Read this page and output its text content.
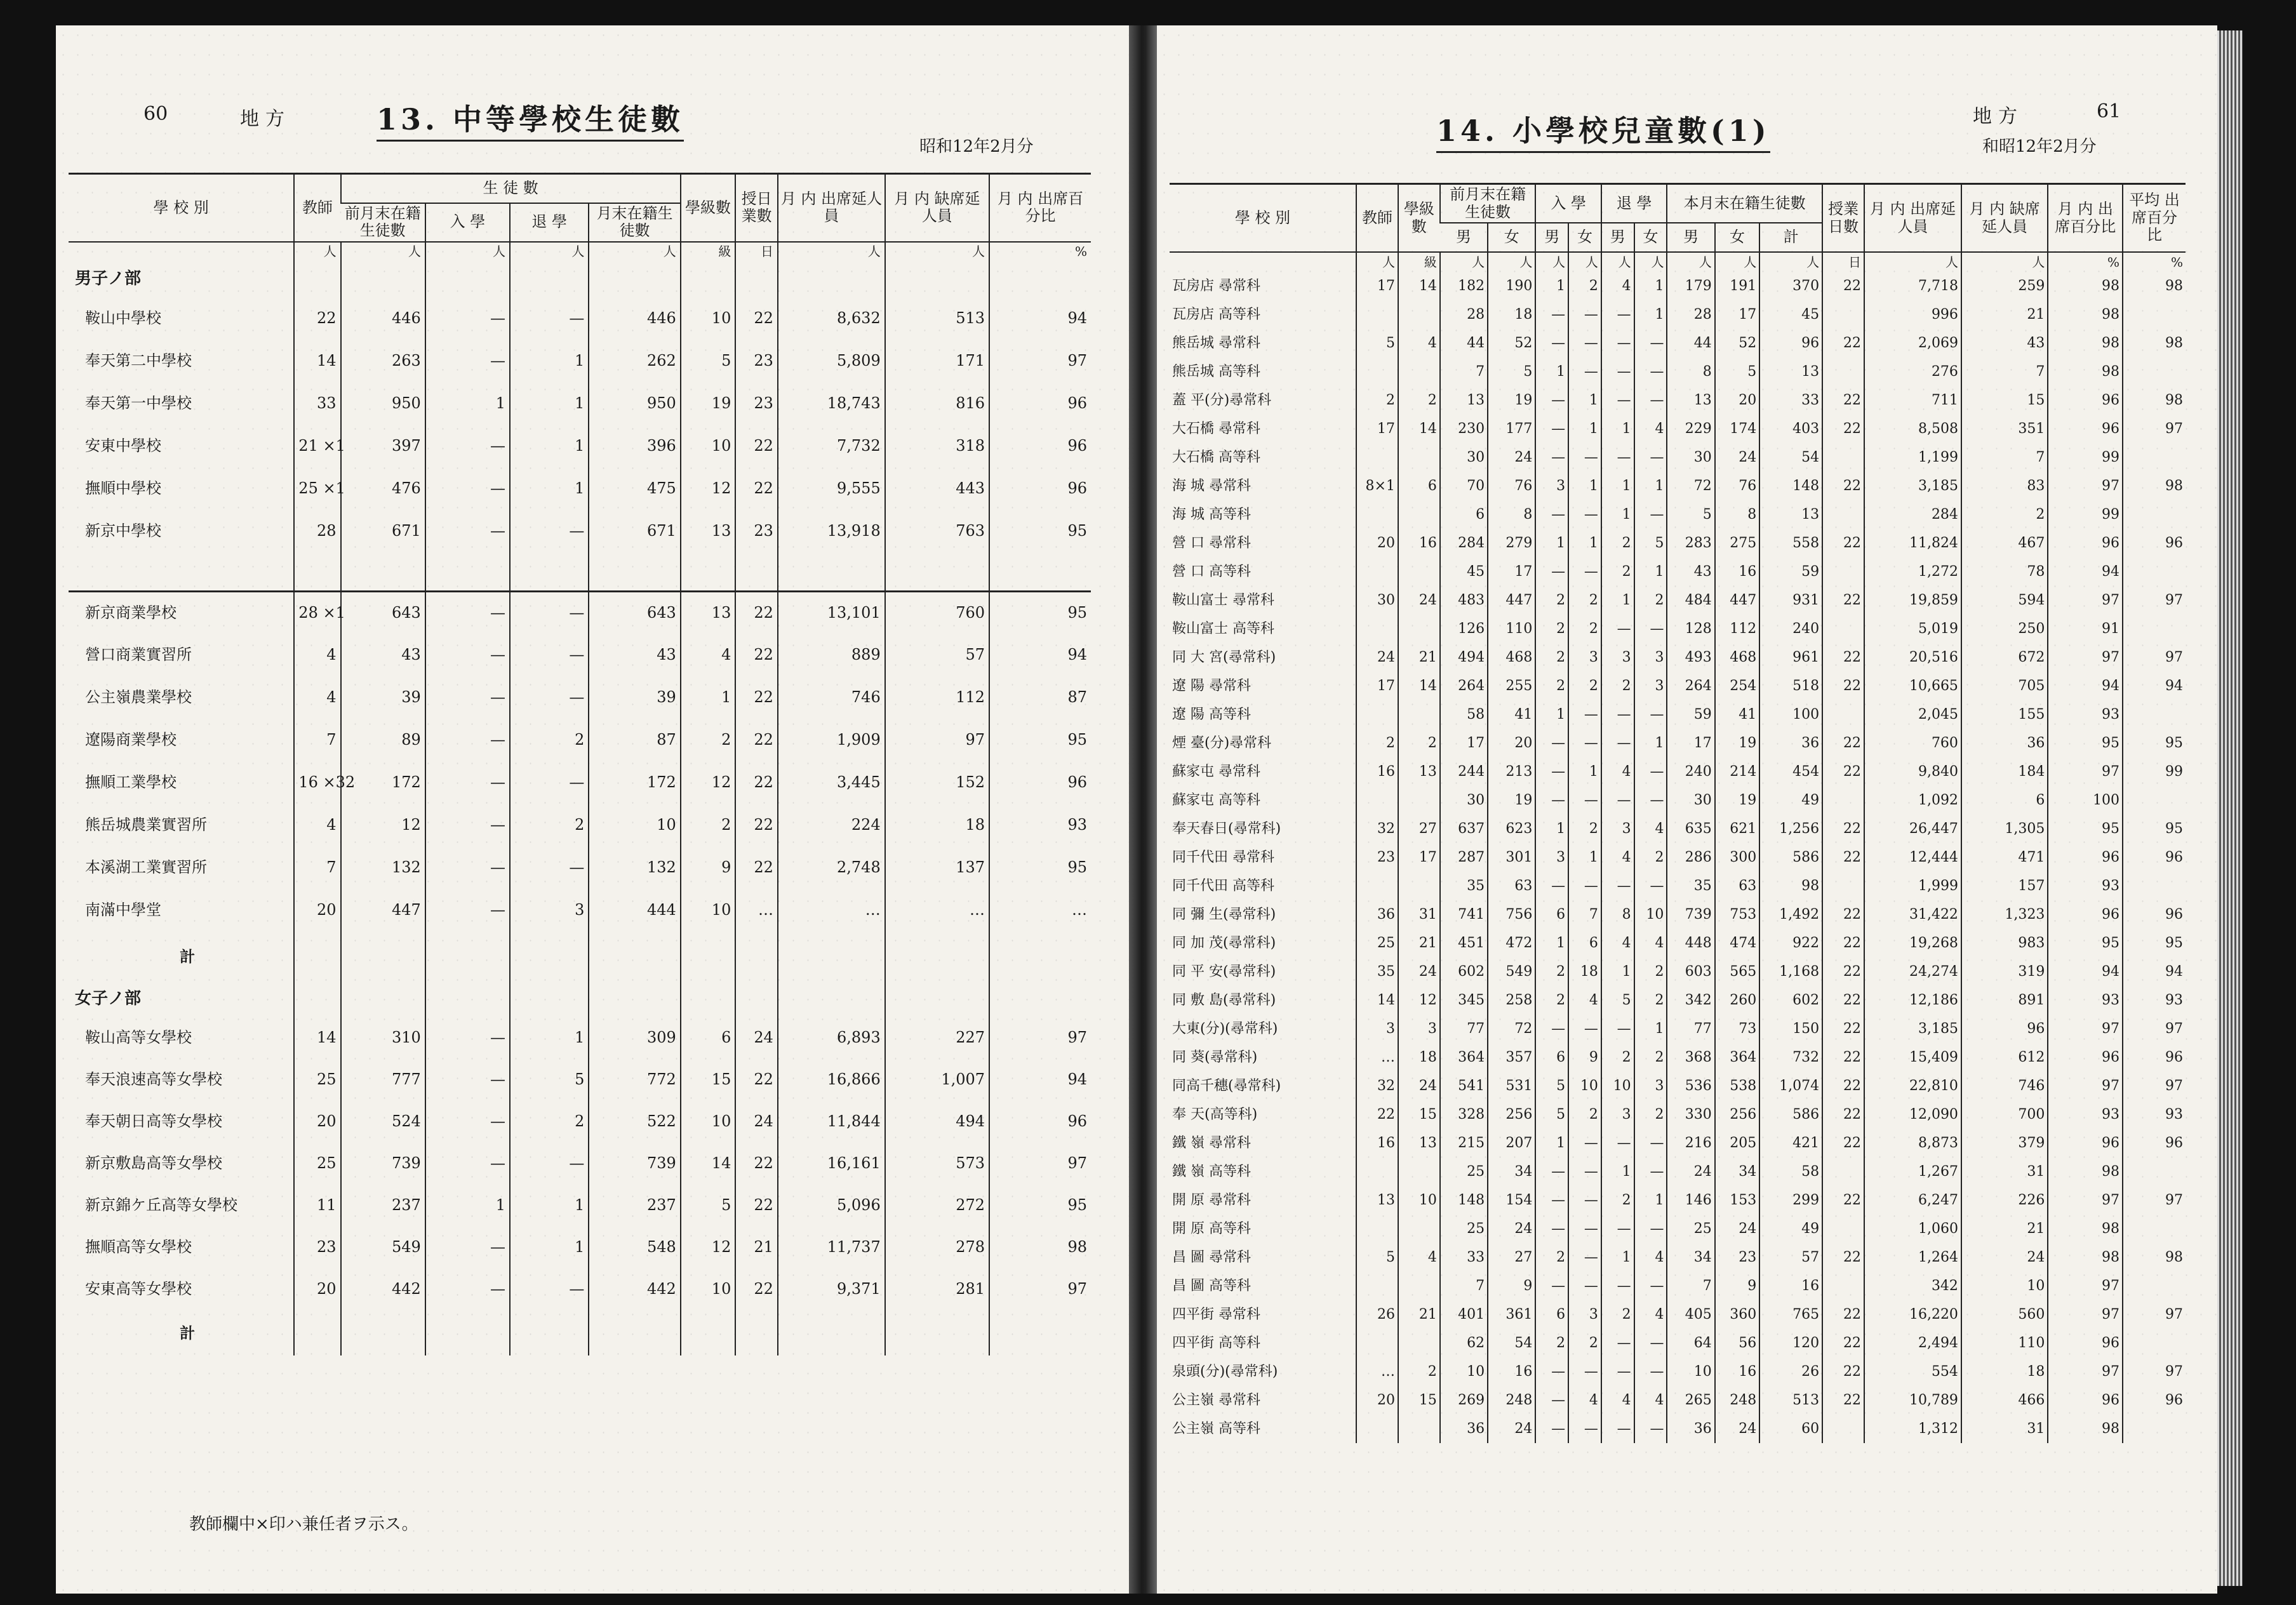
60	地方	13. 中等學校生徒數
昭和12年2月分
學 校 別	教師	生 徒 數				學級數	授日業數	月 内 出席延人員	月 内 缺席延人員	月 内 出席百分比
		前月末在籍生徒數	入 學	退 學	月末在籍生徒數					
	人	人	人	人	人	級	日	人	人	%
男子ノ部										
鞍山中學校	22	446	—	—	446	10	22	8,632	513	94
奉天第二中學校	14	263	—	1	262	5	23	5,809	171	97
奉天第一中學校	33	950	1	1	950	19	23	18,743	816	96
安東中學校	21 ×1	397	—	1	396	10	22	7,732	318	96
撫順中學校	25 ×1	476	—	1	475	12	22	9,555	443	96
新京中學校	28	671	—	—	671	13	23	13,918	763	95

新京商業學校	28 ×1	643	—	—	643	13	22	13,101	760	95
營口商業實習所	4	43	—	—	43	4	22	889	57	94
公主嶺農業學校	4	39	—	—	39	1	22	746	112	87
遼陽商業學校	7	89	—	2	87	2	22	1,909	97	95
撫順工業學校	16 ×32	172	—	—	172	12	22	3,445	152	96
熊岳城農業實習所	4	12	—	2	10	2	22	224	18	93
本溪湖工業實習所	7	132	—	—	132	9	22	2,748	137	95
南滿中學堂	20	447	—	3	444	10	…	…	…	…
計										
女子ノ部										
鞍山高等女學校	14	310	—	1	309	6	24	6,893	227	97
奉天浪速高等女學校	25	777	—	5	772	15	22	16,866	1,007	94
奉天朝日高等女學校	20	524	—	2	522	10	24	11,844	494	96
新京敷島高等女學校	25	739	—	—	739	14	22	16,161	573	97
新京錦ケ丘高等女學校	11	237	1	1	237	5	22	5,096	272	95
撫順高等女學校	23	549	—	1	548	12	21	11,737	278	98
安東高等女學校	20	442	—	—	442	10	22	9,371	281	97
計										
教師欄中×印ハ兼任者ヲ示ス。
14. 小學校兒童數(1)	地方	61
和昭12年2月分
學 校 別	教師	學級數	前月末在籍生徒數		入 學		退 學		本月末在籍生徒數			授業日數	月 内 出席延人員	月 内 缺席延人員	月 内 出席百分比	平均 出席百分比
			男	女	男	女	男	女	男	女	計					
	人	級	人	人	人	人	人	人	人	人	人	日	人	人	%	%
瓦房店 尋常科	17	14	182	190	1	2	4	1	179	191	370	22	7,718	259	98	98
瓦房店 高等科			28	18	—	—	—	1	28	17	45		996	21	98	
熊岳城 尋常科	5	4	44	52	—	—	—	—	44	52	96	22	2,069	43	98	98
熊岳城 高等科			7	5	1	—	—	—	8	5	13		276	7	98	
蓋 平(分)尋常科	2	2	13	19	—	1	—	—	13	20	33	22	711	15	96	98
大石橋 尋常科	17	14	230	177	—	1	1	4	229	174	403	22	8,508	351	96	97
大石橋 高等科			30	24	—	—	—	—	30	24	54		1,199	7	99	
海 城 尋常科	8×1	6	70	76	3	1	1	1	72	76	148	22	3,185	83	97	98
海 城 高等科			6	8	—	—	1	—	5	8	13		284	2	99	
營 口 尋常科	20	16	284	279	1	1	2	5	283	275	558	22	11,824	467	96	96
營 口 高等科			45	17	—	—	2	1	43	16	59		1,272	78	94	
鞍山富士 尋常科	30	24	483	447	2	2	1	2	484	447	931	22	19,859	594	97	97
鞍山富士 高等科			126	110	2	2	—	—	128	112	240		5,019	250	91	
同 大 宮(尋常科)	24	21	494	468	2	3	3	3	493	468	961	22	20,516	672	97	97
遼 陽 尋常科	17	14	264	255	2	2	2	3	264	254	518	22	10,665	705	94	94
遼 陽 高等科			58	41	1	—	—	—	59	41	100		2,045	155	93	
煙 臺(分)尋常科	2	2	17	20	—	—	—	1	17	19	36	22	760	36	95	95
蘇家屯 尋常科	16	13	244	213	—	1	4	—	240	214	454	22	9,840	184	97	99
蘇家屯 高等科			30	19	—	—	—	—	30	19	49		1,092	6	100	
奉天春日(尋常科)	32	27	637	623	1	2	3	4	635	621	1,256	22	26,447	1,305	95	95
同千代田 尋常科	23	17	287	301	3	1	4	2	286	300	586	22	12,444	471	96	96
同千代田 高等科			35	63	—	—	—	—	35	63	98		1,999	157	93	
同 彌 生(尋常科)	36	31	741	756	6	7	8	10	739	753	1,492	22	31,422	1,323	96	96
同 加 茂(尋常科)	25	21	451	472	1	6	4	4	448	474	922	22	19,268	983	95	95
同 平 安(尋常科)	35	24	602	549	2	18	1	2	603	565	1,168	22	24,274	319	94	94
同 敷 島(尋常科)	14	12	345	258	2	4	5	2	342	260	602	22	12,186	891	93	93
大東(分)(尋常科)	3	3	77	72	—	—	—	1	77	73	150	22	3,185	96	97	97
同 葵(尋常科)	…	18	364	357	6	9	2	2	368	364	732	22	15,409	612	96	96
同高千穗(尋常科)	32	24	541	531	5	10	10	3	536	538	1,074	22	22,810	746	97	97
奉 天(高等科)	22	15	328	256	5	2	3	2	330	256	586	22	12,090	700	93	93
鐵 嶺 尋常科	16	13	215	207	1	—	—	—	216	205	421	22	8,873	379	96	96
鐵 嶺 高等科			25	34	—	—	1	—	24	34	58		1,267	31	98	
開 原 尋常科	13	10	148	154	—	—	2	1	146	153	299	22	6,247	226	97	97
開 原 高等科			25	24	—	—	—	—	25	24	49		1,060	21	98	
昌 圖 尋常科	5	4	33	27	2	—	1	4	34	23	57	22	1,264	24	98	98
昌 圖 高等科			7	9	—	—	—	—	7	9	16		342	10	97	
四平街 尋常科	26	21	401	361	6	3	2	4	405	360	765	22	16,220	560	97	97
四平街 高等科			62	54	2	2	—	—	64	56	120	22	2,494	110	96	
泉頭(分)(尋常科)	…	2	10	16	—	—	—	—	10	16	26	22	554	18	97	97
公主嶺 尋常科	20	15	269	248	—	4	4	4	265	248	513	22	10,789	466	96	96
公主嶺 高等科			36	24	—	—	—	—	36	24	60		1,312	31	98	
